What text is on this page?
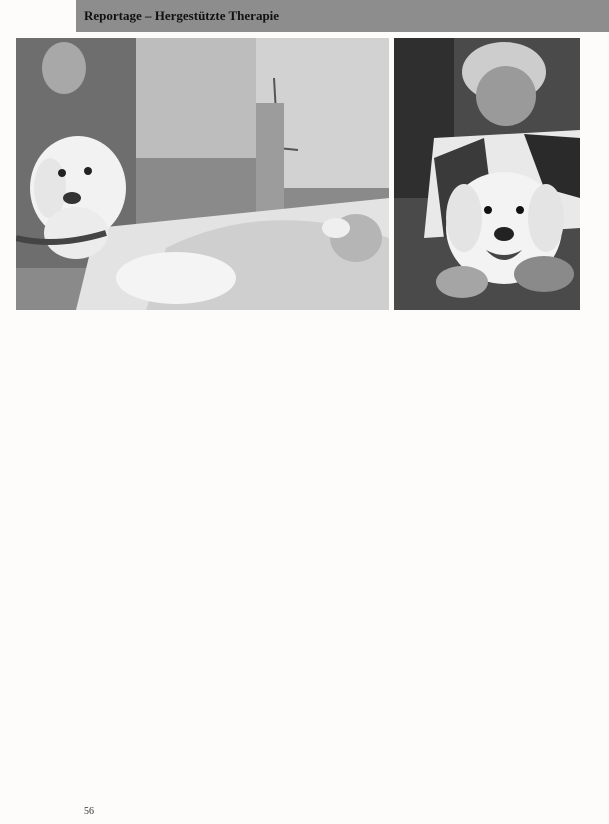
Reportage – Hergestützte Therapie

56
